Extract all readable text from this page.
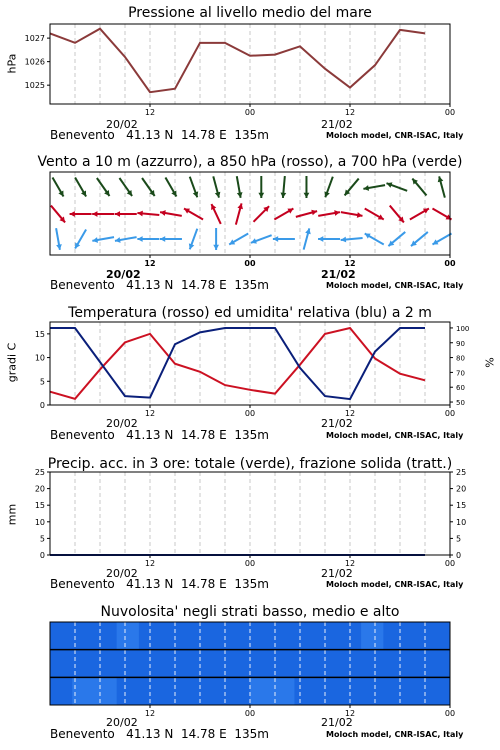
Pressione al livello medio del mare
Vento a 10 m (azzurro), a 850 hPa (rosso), a 700 hPa (verde)
Temperatura (rosso) ed umidita' relativa (blu) a 2 m
Precip. acc. in 3 ore: totale (verde), frazione solida (tratt.)
Nuvolosita' negli strati basso, medio e alto
hPa
gradi C	%
mm
20/02	21/02
20/02	21/02
20/02	21/02
20/02	21/02
20/02	21/02
Benevento   41.13 N  14.78 E  135m	Moloch model, CNR-ISAC, Italy
Benevento   41.13 N  14.78 E  135m	Moloch model, CNR-ISAC, Italy
Benevento   41.13 N  14.78 E  135m	Moloch model, CNR-ISAC, Italy
Benevento   41.13 N  14.78 E  135m	Moloch model, CNR-ISAC, Italy
Benevento   41.13 N  14.78 E  135m	Moloch model, CNR-ISAC, Italy
12	00	12	00
12	00	12	00
12	00	12	00
12	00	12	00
12	00	12	00
1025
1026
1027
0
5
10
15
50
60
70
80
90
100
0	0
5	5
10	10
15	15
20	20
25	25
